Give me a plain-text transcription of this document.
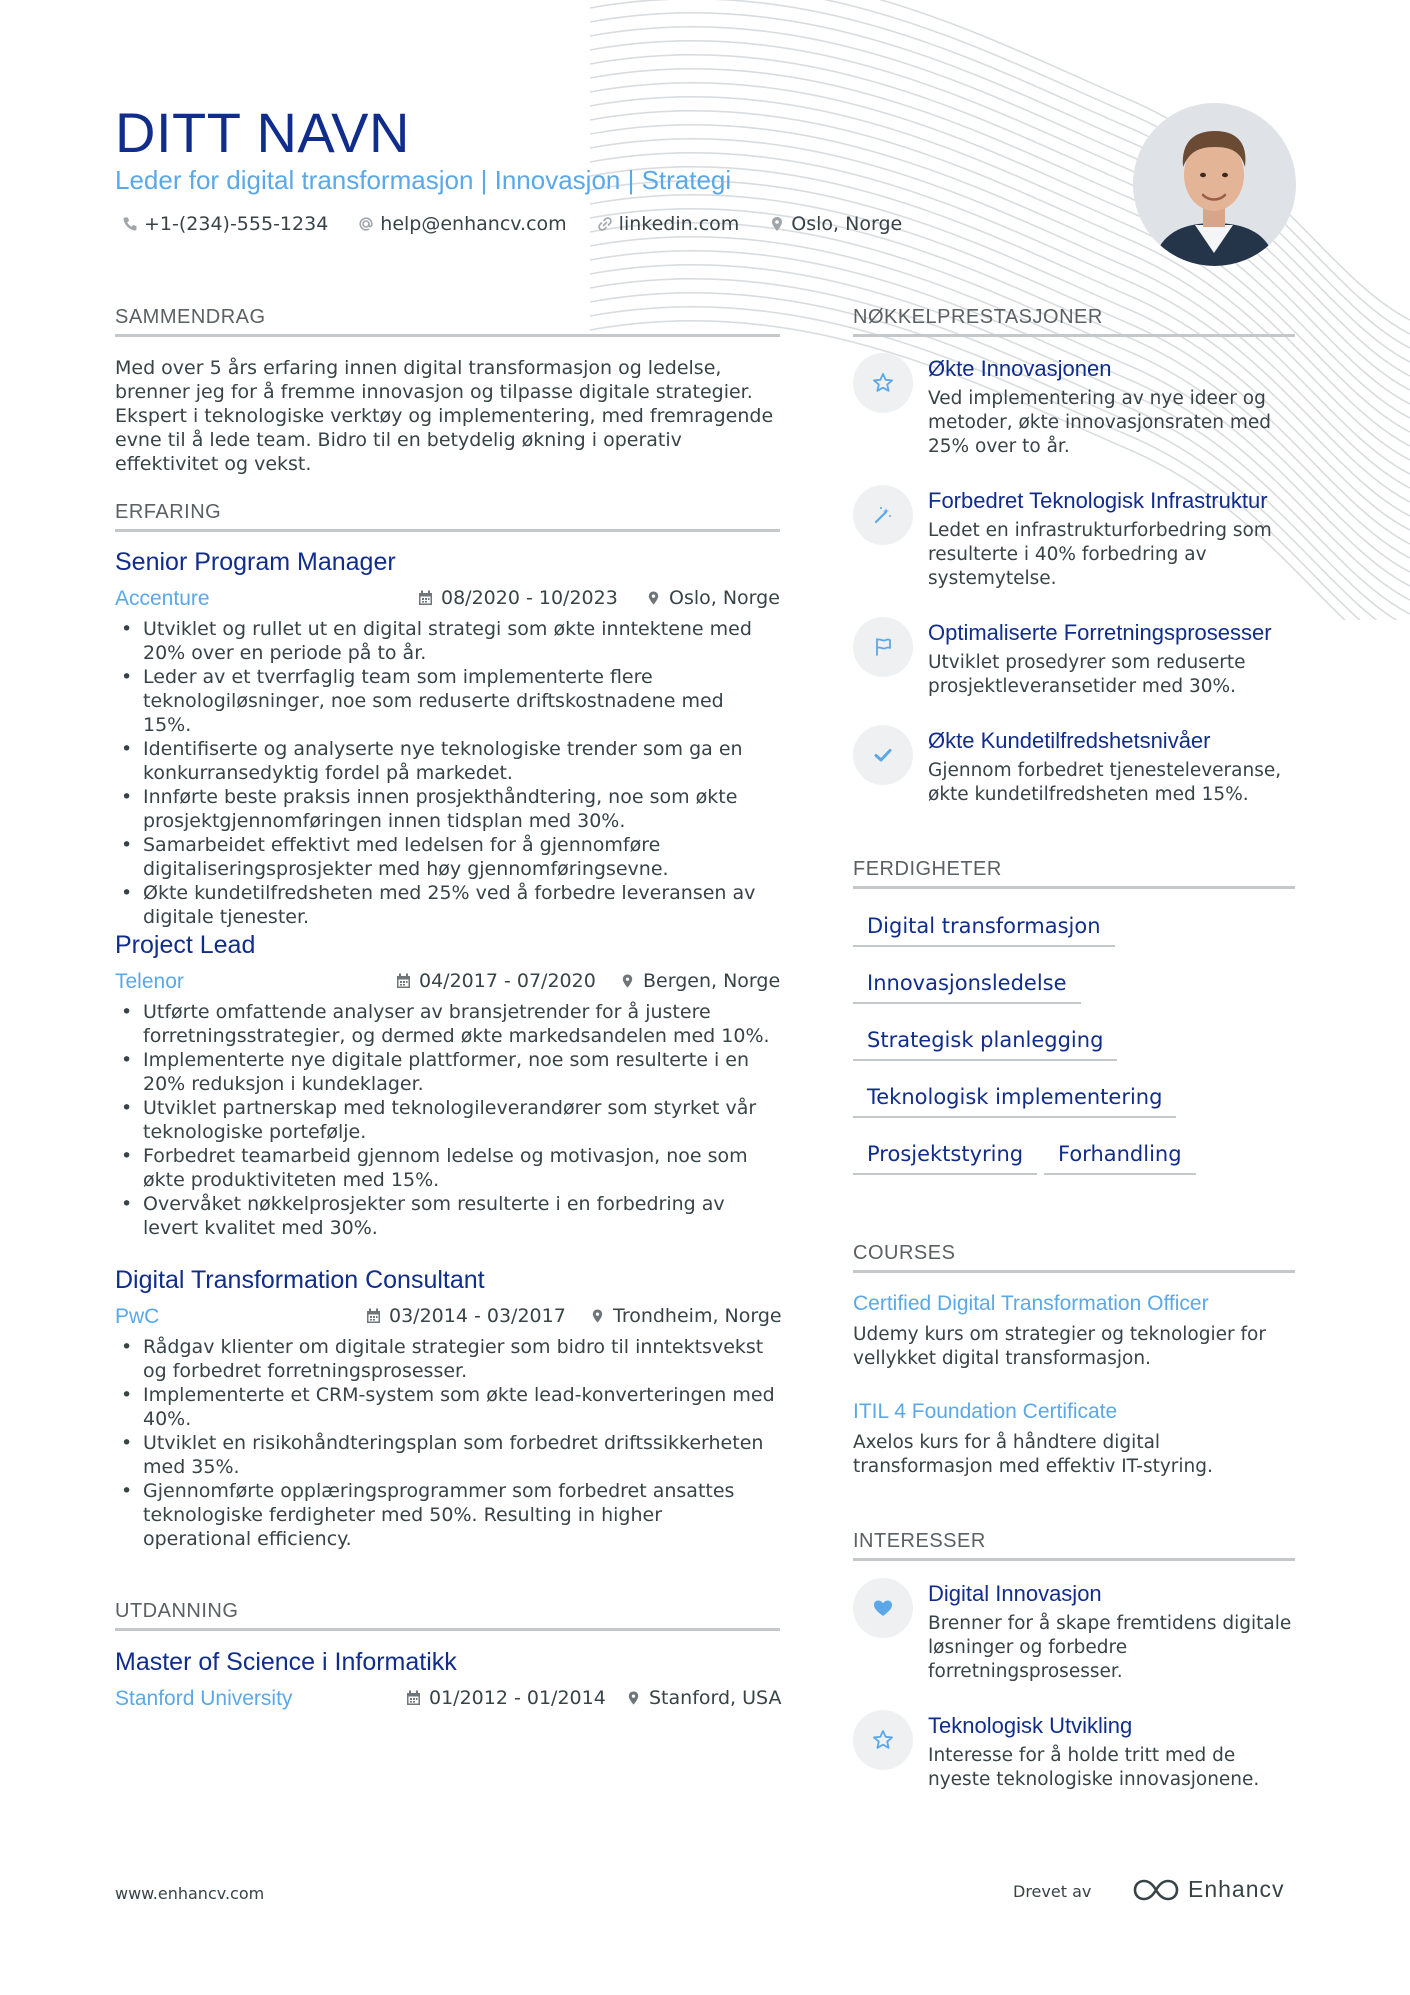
DITT NAVN
Leder for digital transformasjon | Innovasjon | Strategi
+1-(234)-555-1234	help@enhancv.com	linkedin.com	Oslo, Norge
SAMMENDRAG
Med over 5 års erfaring innen digital transformasjon og ledelse, brenner jeg for å fremme innovasjon og tilpasse digitale strategier. Ekspert i teknologiske verktøy og implementering, med fremragende evne til å lede team. Bidro til en betydelig økning i operativ effektivitet og vekst.
ERFARING
Senior Program Manager
Accenture	08/2020 - 10/2023	Oslo, Norge
• Utviklet og rullet ut en digital strategi som økte inntektene med 20% over en periode på to år.
• Leder av et tverrfaglig team som implementerte flere teknologiløsninger, noe som reduserte driftskostnadene med 15%.
• Identifiserte og analyserte nye teknologiske trender som ga en konkurransedyktig fordel på markedet.
• Innførte beste praksis innen prosjekthåndtering, noe som økte prosjektgjennomføringen innen tidsplan med 30%.
• Samarbeidet effektivt med ledelsen for å gjennomføre digitaliseringsprosjekter med høy gjennomføringsevne.
• Økte kundetilfredsheten med 25% ved å forbedre leveransen av digitale tjenester.
Project Lead
Telenor	04/2017 - 07/2020 Bergen, Norge
• Utførte omfattende analyser av bransjetrender for å justere forretningsstrategier, og dermed økte markedsandelen med 10%.
• Implementerte nye digitale plattformer, noe som resulterte i en 20% reduksjon i kundeklager.
• Utviklet partnerskap med teknologileverandører som styrket vår teknologiske portefølje.
• Forbedret teamarbeid gjennom ledelse og motivasjon, noe som økte produktiviteten med 15%.
• Overvåket nøkkelprosjekter som resulterte i en forbedring av levert kvalitet med 30%.
Digital Transformation Consultant
PwC	03/2014 - 03/2017 Trondheim, Norge
• Rådgav klienter om digitale strategier som bidro til inntektsvekst og forbedret forretningsprosesser.
• Implementerte et CRM-system som økte lead-konverteringen med 40%.
• Utviklet en risikohåndteringsplan som forbedret driftssikkerheten med 35%.
• Gjennomførte opplæringsprogrammer som forbedret ansattes teknologiske ferdigheter med 50%. Resulting in higher operational efficiency.
UTDANNING
Master of Science i Informatikk
Stanford University	01/2012 - 01/2014 Stanford, USA
NØKKELPRESTASJONER
Økte Innovasjonen
Ved implementering av nye ideer og metoder, økte innovasjonsraten med 25% over to år.
Forbedret Teknologisk Infrastruktur
Ledet en infrastrukturforbedring som resulterte i 40% forbedring av systemytelse.
Optimaliserte Forretningsprosesser
Utviklet prosedyrer som reduserte prosjektleveransetider med 30%.
Økte Kundetilfredshetsnivåer
Gjennom forbedret tjenesteleveranse, økte kundetilfredsheten med 15%.
FERDIGHETER
Digital transformasjon
Innovasjonsledelse
Strategisk planlegging
Teknologisk implementering
Prosjektstyring	Forhandling
COURSES
Certified Digital Transformation Officer
Udemy kurs om strategier og teknologier for vellykket digital transformasjon.
ITIL 4 Foundation Certificate
Axelos kurs for å håndtere digital transformasjon med effektiv IT-styring.
INTERESSER
Digital Innovasjon
Brenner for å skape fremtidens digitale løsninger og forbedre forretningsprosesser.
Teknologisk Utvikling
Interesse for å holde tritt med de nyeste teknologiske innovasjonene.
www.enhancv.com	Drevet av	Enhancv
